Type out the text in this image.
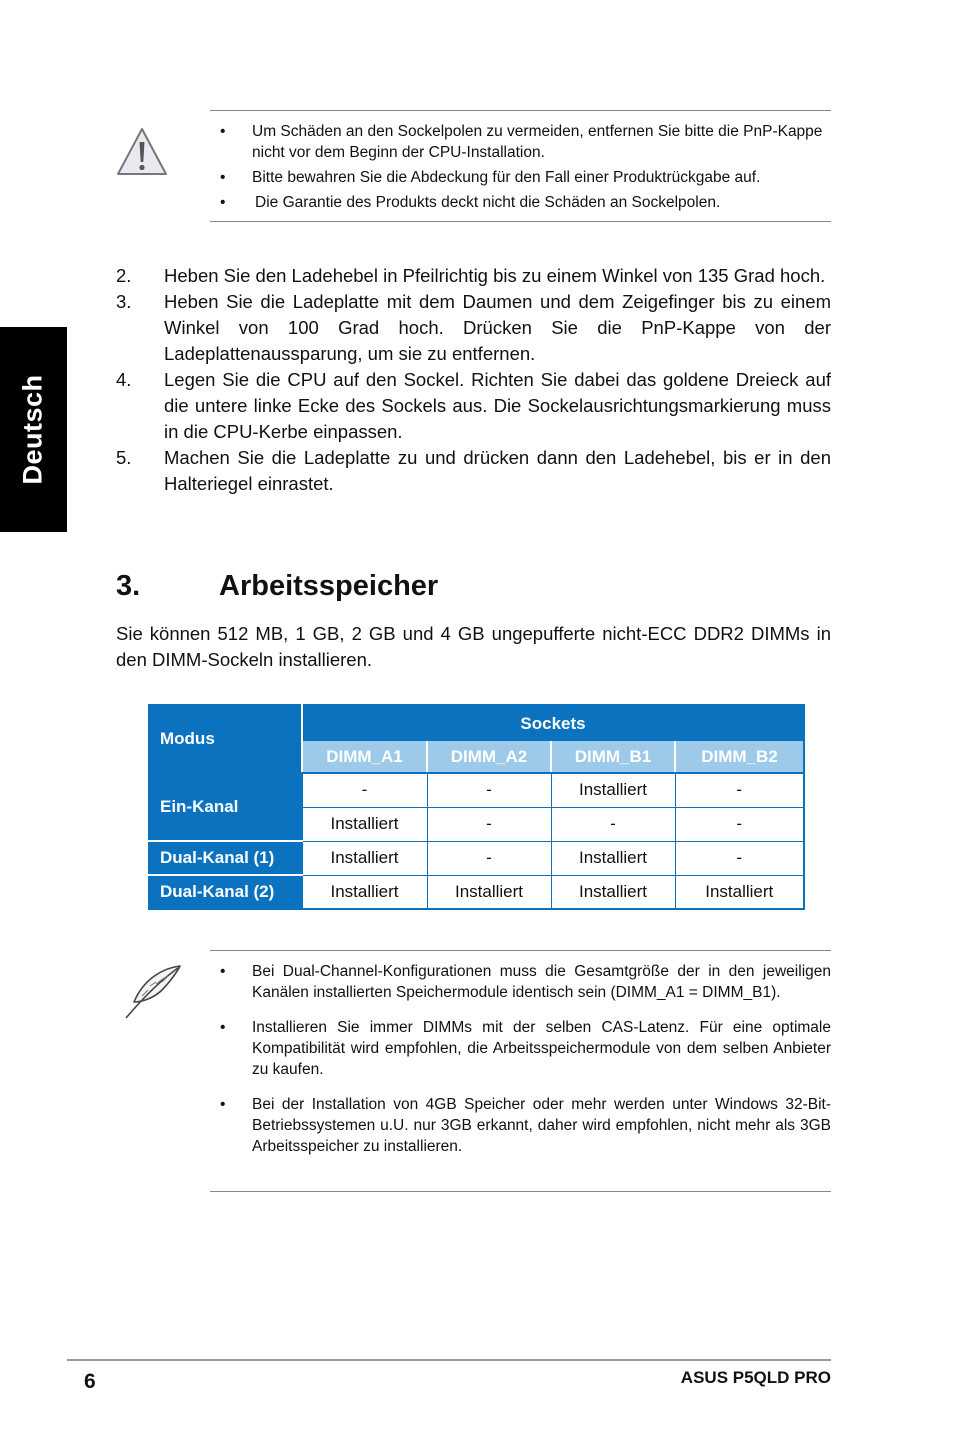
Deutsch
• Um Schäden an den Sockelpolen zu vermeiden, entfernen Sie bitte die PnP-Kappe nicht vor dem Beginn der CPU-Installation.
• Bitte bewahren Sie die Abdeckung für den Fall einer Produktrückgabe auf.
• Die Garantie des Produkts deckt nicht die Schäden an Sockelpolen.
2.	Heben Sie den Ladehebel in Pfeilrichtig bis zu einem Winkel von 135 Grad hoch.
3.	Heben Sie die Ladeplatte mit dem Daumen und dem Zeigefinger bis zu einem Winkel von 100 Grad hoch. Drücken Sie die PnP-Kappe von der Ladeplattenaussparung, um sie zu entfernen.
4.	Legen Sie die CPU auf den Sockel. Richten Sie dabei das goldene Dreieck auf die untere linke Ecke des Sockels aus. Die Sockelausrichtungsmarkierung muss in die CPU-Kerbe einpassen.
5.	Machen Sie die Ladeplatte zu und drücken dann den Ladehebel, bis er in den Halteriegel einrastet.
3.	Arbeitsspeicher
Sie können 512 MB, 1 GB, 2 GB und 4 GB ungepufferte nicht-ECC DDR2 DIMMs in den DIMM-Sockeln installieren.
Modus	Sockets			
	DIMM_A1	DIMM_A2	DIMM_B1	DIMM_B2
Ein-Kanal	-	-	Installiert	-
	Installiert	-	-	-
Dual-Kanal (1)	Installiert	-	Installiert	-
Dual-Kanal (2)	Installiert	Installiert	Installiert	Installiert
• Bei Dual-Channel-Konfigurationen muss die Gesamtgröße der in den jeweiligen Kanälen installierten Speichermodule identisch sein (DIMM_A1 = DIMM_B1).
• Installieren Sie immer DIMMs mit der selben CAS-Latenz. Für eine optimale Kompatibilität wird empfohlen, die Arbeitsspeichermodule von dem selben Anbieter zu kaufen.
• Bei der Installation von 4GB Speicher oder mehr werden unter Windows 32-Bit-Betriebssystemen u.U. nur 3GB erkannt, daher wird empfohlen, nicht mehr als 3GB Arbeitsspeicher zu installieren.
6	ASUS P5QLD PRO
